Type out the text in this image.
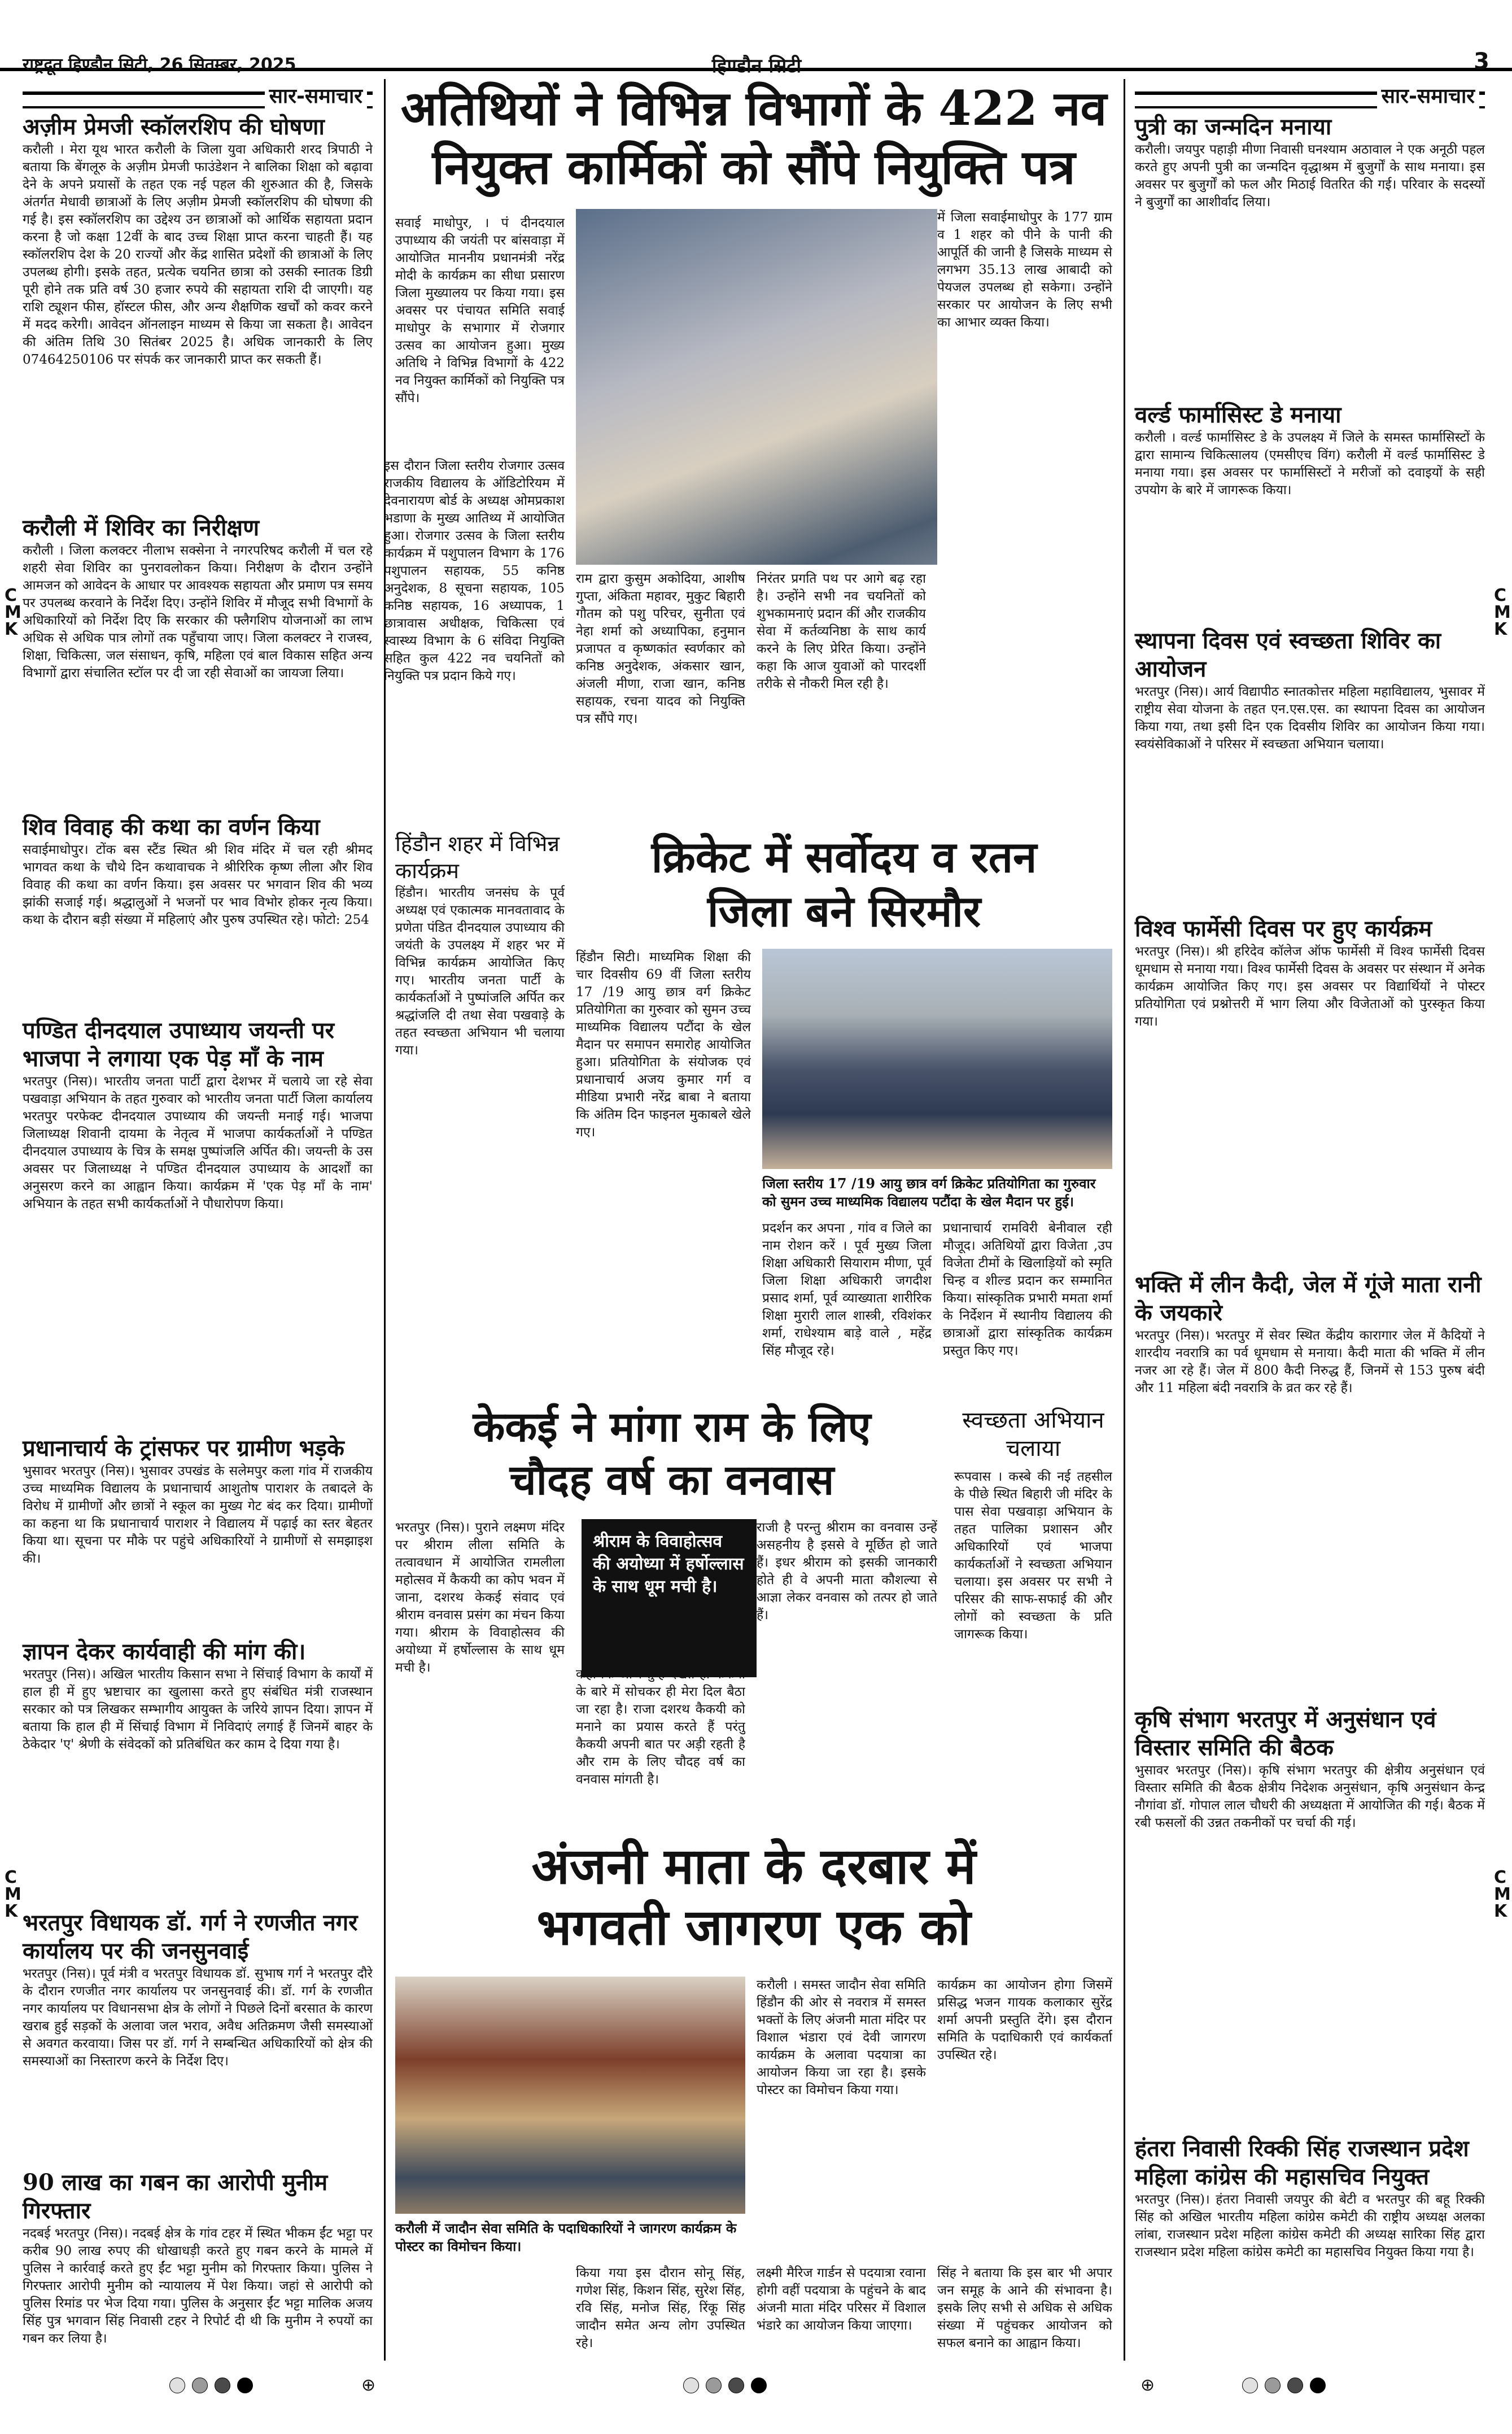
राष्ट्रदूत हिण्डौन सिटी, 26 सितम्बर, 2025	हिण्डौन सिटी	3
सार-समाचार
अज़ीम प्रेमजी स्कॉलरशिप की घोषणा
करौली । मेरा यूथ भारत करौली के जिला युवा अधिकारी शरद त्रिपाठी ने बताया कि बेंगलूरु के अज़ीम प्रेमजी फाउंडेशन ने बालिका शिक्षा को बढ़ावा देने के अपने प्रयासों के तहत एक नई पहल की शुरुआत की है, जिसके अंतर्गत मेधावी छात्राओं के लिए अज़ीम प्रेमजी स्कॉलरशिप की घोषणा की गई है। इस स्कॉलरशिप का उद्देश्य उन छात्राओं को आर्थिक सहायता प्रदान करना है जो कक्षा 12वीं के बाद उच्च शिक्षा प्राप्त करना चाहती हैं। यह स्कॉलरशिप देश के 20 राज्यों और केंद्र शासित प्रदेशों की छात्राओं के लिए उपलब्ध होगी। इसके तहत, प्रत्येक चयनित छात्रा को उसकी स्नातक डिग्री पूरी होने तक प्रति वर्ष 30 हजार रुपये की सहायता राशि दी जाएगी। यह राशि ट्यूशन फीस, हॉस्टल फीस, और अन्य शैक्षणिक खर्चों को कवर करने में मदद करेगी। आवेदन ऑनलाइन माध्यम से किया जा सकता है। आवेदन की अंतिम तिथि 30 सितंबर 2025 है। अधिक जानकारी के लिए 07464250106 पर संपर्क कर जानकारी प्राप्त कर सकती हैं।
करौली में शिविर का निरीक्षण
करौली । जिला कलक्टर नीलाभ सक्सेना ने नगरपरिषद करौली में चल रहे शहरी सेवा शिविर का पुनरावलोकन किया। निरीक्षण के दौरान उन्होंने आमजन को आवेदन के आधार पर आवश्यक सहायता और प्रमाण पत्र समय पर उपलब्ध करवाने के निर्देश दिए। उन्होंने शिविर में मौजूद सभी विभागों के अधिकारियों को निर्देश दिए कि सरकार की फ्लैगशिप योजनाओं का लाभ अधिक से अधिक पात्र लोगों तक पहुँचाया जाए। जिला कलक्टर ने राजस्व, शिक्षा, चिकित्सा, जल संसाधन, कृषि, महिला एवं बाल विकास सहित अन्य विभागों द्वारा संचालित स्टॉल पर दी जा रही सेवाओं का जायजा लिया।
शिव विवाह की कथा का वर्णन किया
सवाईमाधोपुर। टोंक बस स्टैंड स्थित श्री शिव मंदिर में चल रही श्रीमद भागवत कथा के चौथे दिन कथावाचक ने श्रीरिरिक कृष्ण लीला और शिव विवाह की कथा का वर्णन किया। इस अवसर पर भगवान शिव की भव्य झांकी सजाई गई। श्रद्धालुओं ने भजनों पर भाव विभोर होकर नृत्य किया। कथा के दौरान बड़ी संख्या में महिलाएं और पुरुष उपस्थित रहे। फोटो: 254
पण्डित दीनदयाल उपाध्याय जयन्ती पर भाजपा ने लगाया एक पेड़ माँ के नाम
भरतपुर (निस)। भारतीय जनता पार्टी द्वारा देशभर में चलाये जा रहे सेवा पखवाड़ा अभियान के तहत गुरुवार को भारतीय जनता पार्टी जिला कार्यालय भरतपुर परफेक्ट दीनदयाल उपाध्याय की जयन्ती मनाई गई। भाजपा जिलाध्यक्ष शिवानी दायमा के नेतृत्व में भाजपा कार्यकर्ताओं ने पण्डित दीनदयाल उपाध्याय के चित्र के समक्ष पुष्पांजलि अर्पित की। जयन्ती के उस अवसर पर जिलाध्यक्ष ने पण्डित दीनदयाल उपाध्याय के आदर्शों का अनुसरण करने का आह्वान किया। कार्यक्रम में 'एक पेड़ माँ के नाम' अभियान के तहत सभी कार्यकर्ताओं ने पौधारोपण किया।
प्रधानाचार्य के ट्रांसफर पर ग्रामीण भड़के
भुसावर भरतपुर (निस)। भुसावर उपखंड के सलेमपुर कला गांव में राजकीय उच्च माध्यमिक विद्यालय के प्रधानाचार्य आशुतोष पाराशर के तबादले के विरोध में ग्रामीणों और छात्रों ने स्कूल का मुख्य गेट बंद कर दिया। ग्रामीणों का कहना था कि प्रधानाचार्य पाराशर ने विद्यालय में पढ़ाई का स्तर बेहतर किया था। सूचना पर मौके पर पहुंचे अधिकारियों ने ग्रामीणों से समझाइश की।
ज्ञापन देकर कार्यवाही की मांग की।
भरतपुर (निस)। अखिल भारतीय किसान सभा ने सिंचाई विभाग के कार्यों में हाल ही में हुए भ्रष्टाचार का खुलासा करते हुए संबंधित मंत्री राजस्थान सरकार को पत्र लिखकर सम्भागीय आयुक्त के जरिये ज्ञापन दिया। ज्ञापन में बताया कि हाल ही में सिंचाई विभाग में निविदाएं लगाई हैं जिनमें बाहर के ठेकेदार 'ए' श्रेणी के संवेदकों को प्रतिबंधित कर काम दे दिया गया है।
भरतपुर विधायक डॉ. गर्ग ने रणजीत नगर कार्यालय पर की जनसुनवाई
भरतपुर (निस)। पूर्व मंत्री व भरतपुर विधायक डॉ. सुभाष गर्ग ने भरतपुर दौरे के दौरान रणजीत नगर कार्यालय पर जनसुनवाई की। डॉ. गर्ग के रणजीत नगर कार्यालय पर विधानसभा क्षेत्र के लोगों ने पिछले दिनों बरसात के कारण खराब हुई सड़कों के अलावा जल भराव, अवैध अतिक्रमण जैसी समस्याओं से अवगत करवाया। जिस पर डॉ. गर्ग ने सम्बन्धित अधिकारियों को क्षेत्र की समस्याओं का निस्तारण करने के निर्देश दिए।
90 लाख का गबन का आरोपी मुनीम गिरफ्तार
नदबई भरतपुर (निस)। नदबई क्षेत्र के गांव टहर में स्थित भीकम ईंट भट्टा पर करीब 90 लाख रुपए की धोखाधड़ी करते हुए गबन करने के मामले में पुलिस ने कार्रवाई करते हुए ईंट भट्टा मुनीम को गिरफ्तार किया। पुलिस ने गिरफ्तार आरोपी मुनीम को न्यायालय में पेश किया। जहां से आरोपी को पुलिस रिमांड पर भेज दिया गया। पुलिस के अनुसार ईंट भट्टा मालिक अजय सिंह पुत्र भगवान सिंह निवासी टहर ने रिपोर्ट दी थी कि मुनीम ने रुपयों का गबन कर लिया है।
अतिथियों ने विभिन्न विभागों के 422 नव
नियुक्त कार्मिकों को सौंपे नियुक्ति पत्र
सवाई माधोपुर, । पं दीनदयाल उपाध्याय की जयंती पर बांसवाड़ा में आयोजित माननीय प्रधानमंत्री नरेंद्र मोदी के कार्यक्रम का सीधा प्रसारण जिला मुख्यालय पर किया गया। इस अवसर पर पंचायत समिति सवाई माधोपुर के सभागार में रोजगार उत्सव का आयोजन हुआ। मुख्य अतिथि ने विभिन्न विभागों के 422 नव नियुक्त कार्मिकों को नियुक्ति पत्र सौंपे।
इस दौरान जिला स्तरीय रोजगार उत्सव राजकीय विद्यालय के ऑडिटोरियम में देवनारायण बोर्ड के अध्यक्ष ओमप्रकाश भडाणा के मुख्य आतिथ्य में आयोजित हुआ। रोजगार उत्सव के जिला स्तरीय कार्यक्रम में पशुपालन विभाग के 176 पशुपालन सहायक, 55 कनिष्ठ अनुदेशक, 8 सूचना सहायक, 105 कनिष्ठ सहायक, 16 अध्यापक, 1 छात्रावास अधीक्षक, चिकित्सा एवं स्वास्थ्य विभाग के 6 संविदा नियुक्ति सहित कुल 422 नव चयनितों को नियुक्ति पत्र प्रदान किये गए।
राम द्वारा कुसुम अकोदिया, आशीष गुप्ता, अंकिता महावर, मुकुट बिहारी गौतम को पशु परिचर, सुनीता एवं नेहा शर्मा को अध्यापिका, हनुमान प्रजापत व कृष्णकांत स्वर्णकार को कनिष्ठ अनुदेशक, अंकसार खान, अंजली मीणा, राजा खान, कनिष्ठ सहायक, रचना यादव को नियुक्ति पत्र सौंपे गए।
निरंतर प्रगति पथ पर आगे बढ़ रहा है। उन्होंने सभी नव चयनितों को शुभकामनाएं प्रदान कीं और राजकीय सेवा में कर्तव्यनिष्ठा के साथ कार्य करने के लिए प्रेरित किया। उन्होंने कहा कि आज युवाओं को पारदर्शी तरीके से नौकरी मिल रही है।
में जिला सवाईमाधोपुर के 177 ग्राम व 1 शहर को पीने के पानी की आपूर्ति की जानी है जिसके माध्यम से लगभग 35.13 लाख आबादी को पेयजल उपलब्ध हो सकेगा। उन्होंने सरकार पर आयोजन के लिए सभी का आभार व्यक्त किया।
हिंडौन शहर में विभिन्न कार्यक्रम
हिंडौन। भारतीय जनसंघ के पूर्व अध्यक्ष एवं एकात्मक मानवतावाद के प्रणेता पंडित दीनदयाल उपाध्याय की जयंती के उपलक्ष्य में शहर भर में विभिन्न कार्यक्रम आयोजित किए गए। भारतीय जनता पार्टी के कार्यकर्ताओं ने पुष्पांजलि अर्पित कर श्रद्धांजलि दी तथा सेवा पखवाड़े के तहत स्वच्छता अभियान भी चलाया गया।
क्रिकेट में सर्वोदय व रतन
जिला बने सिरमौर
हिंडौन सिटी। माध्यमिक शिक्षा की चार दिवसीय 69 वीं जिला स्तरीय 17 /19 आयु छात्र वर्ग क्रिकेट प्रतियोगिता का गुरुवार को सुमन उच्च माध्यमिक विद्यालय पटौंदा के खेल मैदान पर समापन समारोह आयोजित हुआ। प्रतियोगिता के संयोजक एवं प्रधानाचार्य अजय कुमार गर्ग व मीडिया प्रभारी नरेंद्र बाबा ने बताया कि अंतिम दिन फाइनल मुकाबले खेले गए।
जिला स्तरीय 17 /19 आयु छात्र वर्ग क्रिकेट प्रतियोगिता का गुरुवार को सुमन उच्च माध्यमिक विद्यालय पटौंदा के खेल मैदान पर हुई।
प्रदर्शन कर अपना , गांव व जिले का नाम रोशन करें । पूर्व मुख्य जिला शिक्षा अधिकारी सियाराम मीणा, पूर्व जिला शिक्षा अधिकारी जगदीश प्रसाद शर्मा, पूर्व व्याख्याता शारीरिक शिक्षा मुरारी लाल शास्त्री, रविशंकर शर्मा, राधेश्याम बाड़े वाले , महेंद्र सिंह मौजूद रहे।
प्रधानाचार्य रामविरी बेनीवाल रही मौजूद। अतिथियों द्वारा विजेता ,उप विजेता टीमों के खिलाड़ियों को स्मृति चिन्ह व शील्ड प्रदान कर सम्मानित किया। सांस्कृतिक प्रभारी ममता शर्मा के निर्देशन में स्थानीय विद्यालय की छात्राओं द्वारा सांस्कृतिक कार्यक्रम प्रस्तुत किए गए।
केकई ने मांगा राम के लिए
चौदह वर्ष का वनवास
भरतपुर (निस)। पुराने लक्ष्मण मंदिर पर श्रीराम लीला समिति के तत्वावधान में आयोजित रामलीला महोत्सव में कैकयी का कोप भवन में जाना, दशरथ केकई संवाद एवं श्रीराम वनवास प्रसंग का मंचन किया गया। श्रीराम के विवाहोत्सव की अयोध्या में हर्षोल्लास के साथ धूम मची है।
श्रीराम के विवाहोत्सव की अयोध्या में हर्षोल्लास के साथ धूम मची है।
कहा कि आज तुम्हें देखते ही कैकयी के बारे में सोचकर ही मेरा दिल बैठा जा रहा है। राजा दशरथ कैकयी को मनाने का प्रयास करते हैं परंतु कैकयी अपनी बात पर अड़ी रहती है और राम के लिए चौदह वर्ष का वनवास मांगती है।
राजी है परन्तु श्रीराम का वनवास उन्हें असहनीय है इससे वे मूर्छित हो जाते हैं। इधर श्रीराम को इसकी जानकारी होते ही वे अपनी माता कौशल्या से आज्ञा लेकर वनवास को तत्पर हो जाते हैं।
स्वच्छता अभियान चलाया
रूपवास । कस्बे की नई तहसील के पीछे स्थित बिहारी जी मंदिर के पास सेवा पखवाड़ा अभियान के तहत पालिका प्रशासन और अधिकारियों एवं भाजपा कार्यकर्ताओं ने स्वच्छता अभियान चलाया। इस अवसर पर सभी ने परिसर की साफ-सफाई की और लोगों को स्वच्छता के प्रति जागरूक किया।
अंजनी माता के दरबार में
भगवती जागरण एक को
करौली में जादौन सेवा समिति के पदाधिकारियों ने जागरण कार्यक्रम के पोस्टर का विमोचन किया।
करौली । समस्त जादौन सेवा समिति हिंडौन की ओर से नवरात्र में समस्त भक्तों के लिए अंजनी माता मंदिर पर विशाल भंडारा एवं देवी जागरण कार्यक्रम के अलावा पदयात्रा का आयोजन किया जा रहा है। इसके पोस्टर का विमोचन किया गया।
कार्यक्रम का आयोजन होगा जिसमें प्रसिद्ध भजन गायक कलाकार सुरेंद्र शर्मा अपनी प्रस्तुति देंगे। इस दौरान समिति के पदाधिकारी एवं कार्यकर्ता उपस्थित रहे।
किया गया इस दौरान सोनू सिंह, गणेश सिंह, किशन सिंह, सुरेश सिंह, रवि सिंह, मनोज सिंह, रिंकू सिंह जादौन समेत अन्य लोग उपस्थित रहे।
लक्ष्मी मैरिज गार्डन से पदयात्रा रवाना होगी वहीं पदयात्रा के पहुंचने के बाद अंजनी माता मंदिर परिसर में विशाल भंडारे का आयोजन किया जाएगा।
सिंह ने बताया कि इस बार भी अपार जन समूह के आने की संभावना है। इसके लिए सभी से अधिक से अधिक संख्या में पहुंचकर आयोजन को सफल बनाने का आह्वान किया।
सार-समाचार
पुत्री का जन्मदिन मनाया
करौली। जयपुर पहाड़ी मीणा निवासी घनश्याम अठावाल ने एक अनूठी पहल करते हुए अपनी पुत्री का जन्मदिन वृद्धाश्रम में बुजुर्गों के साथ मनाया। इस अवसर पर बुजुर्गों को फल और मिठाई वितरित की गई। परिवार के सदस्यों ने बुजुर्गों का आशीर्वाद लिया।
वर्ल्ड फार्मासिस्ट डे मनाया
करौली । वर्ल्ड फार्मासिस्ट डे के उपलक्ष्य में जिले के समस्त फार्मासिस्टों के द्वारा सामान्य चिकित्सालय (एमसीएच विंग) करौली में वर्ल्ड फार्मासिस्ट डे मनाया गया। इस अवसर पर फार्मासिस्टों ने मरीजों को दवाइयों के सही उपयोग के बारे में जागरूक किया।
स्थापना दिवस एवं स्वच्छता शिविर का आयोजन
भरतपुर (निस)। आर्य विद्यापीठ स्नातकोत्तर महिला महाविद्यालय, भुसावर में राष्ट्रीय सेवा योजना के तहत एन.एस.एस. का स्थापना दिवस का आयोजन किया गया, तथा इसी दिन एक दिवसीय शिविर का आयोजन किया गया। स्वयंसेविकाओं ने परिसर में स्वच्छता अभियान चलाया।
विश्व फार्मेसी दिवस पर हुए कार्यक्रम
भरतपुर (निस)। श्री हरिदेव कॉलेज ऑफ फार्मेसी में विश्व फार्मेसी दिवस धूमधाम से मनाया गया। विश्व फार्मेसी दिवस के अवसर पर संस्थान में अनेक कार्यक्रम आयोजित किए गए। इस अवसर पर विद्यार्थियों ने पोस्टर प्रतियोगिता एवं प्रश्नोत्तरी में भाग लिया और विजेताओं को पुरस्कृत किया गया।
भक्ति में लीन कैदी, जेल में गूंजे माता रानी के जयकारे
भरतपुर (निस)। भरतपुर में सेवर स्थित केंद्रीय कारागार जेल में कैदियों ने शारदीय नवरात्रि का पर्व धूमधाम से मनाया। कैदी माता की भक्ति में लीन नजर आ रहे हैं। जेल में 800 कैदी निरुद्ध हैं, जिनमें से 153 पुरुष बंदी और 11 महिला बंदी नवरात्रि के व्रत कर रहे हैं।
कृषि संभाग भरतपुर में अनुसंधान एवं विस्तार समिति की बैठक
भुसावर भरतपुर (निस)। कृषि संभाग भरतपुर की क्षेत्रीय अनुसंधान एवं विस्तार समिति की बैठक क्षेत्रीय निदेशक अनुसंधान, कृषि अनुसंधान केन्द्र नौगांवा डॉ. गोपाल लाल चौधरी की अध्यक्षता में आयोजित की गई। बैठक में रबी फसलों की उन्नत तकनीकों पर चर्चा की गई।
हंतरा निवासी रिक्की सिंह राजस्थान प्रदेश महिला कांग्रेस की महासचिव नियुक्त
भरतपुर (निस)। हंतरा निवासी जयपुर की बेटी व भरतपुर की बहू रिक्की सिंह को अखिल भारतीय महिला कांग्रेस कमेटी की राष्ट्रीय अध्यक्ष अलका लांबा, राजस्थान प्रदेश महिला कांग्रेस कमेटी की अध्यक्ष सारिका सिंह द्वारा राजस्थान प्रदेश महिला कांग्रेस कमेटी का महासचिव नियुक्त किया गया है।
C
M
K
C
M
K
C
M
K
C
M
K
⊕	⊕
